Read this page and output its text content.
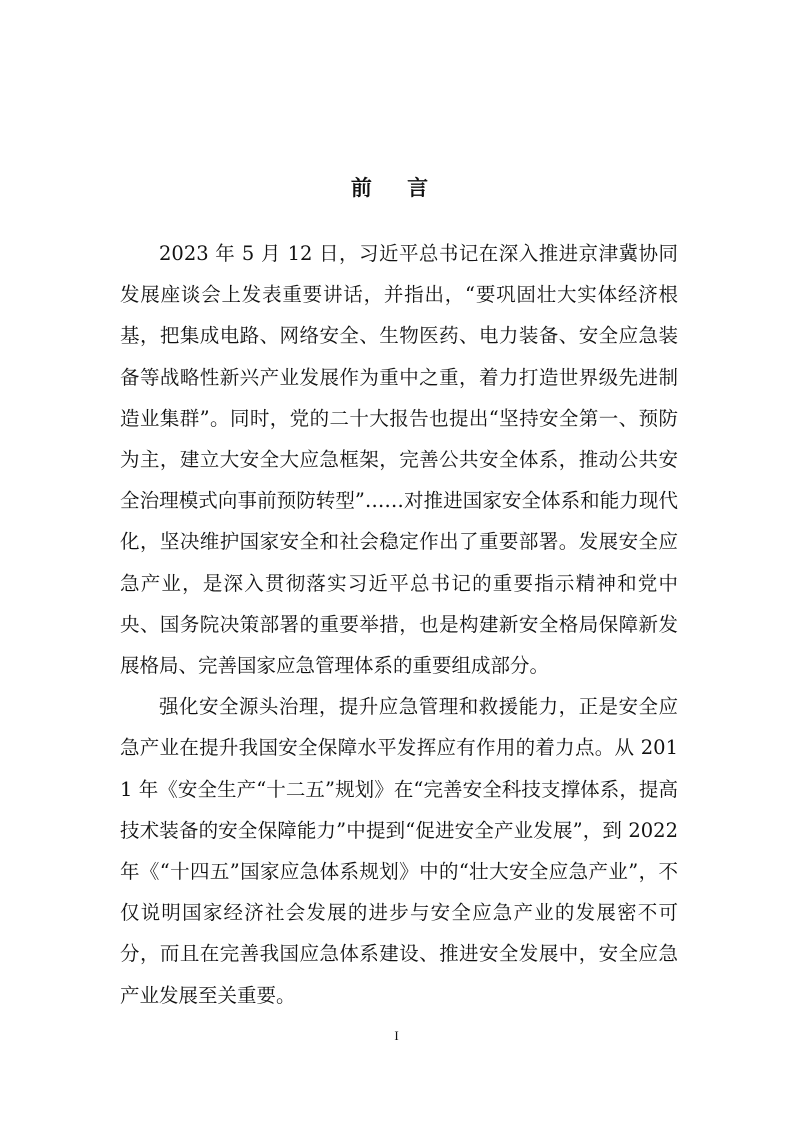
前 言

2023 年 5 月 12 日，习近平总书记在深入推进京津冀协同发展座谈会上发表重要讲话，并指出，“要巩固壮大实体经济根基，把集成电路、网络安全、生物医药、电力装备、安全应急装备等战略性新兴产业发展作为重中之重，着力打造世界级先进制造业集群”。同时，党的二十大报告也提出“坚持安全第一、预防为主，建立大安全大应急框架，完善公共安全体系，推动公共安全治理模式向事前预防转型”……对推进国家安全体系和能力现代化，坚决维护国家安全和社会稳定作出了重要部署。发展安全应急产业，是深入贯彻落实习近平总书记的重要指示精神和党中央、国务院决策部署的重要举措，也是构建新安全格局保障新发展格局、完善国家应急管理体系的重要组成部分。

强化安全源头治理，提升应急管理和救援能力，正是安全应急产业在提升我国安全保障水平发挥应有作用的着力点。从 2011 年《安全生产“十二五”规划》在“完善安全科技支撑体系，提高技术装备的安全保障能力”中提到“促进安全产业发展”，到 2022 年《“十四五”国家应急体系规划》中的“壮大安全应急产业”，不仅说明国家经济社会发展的进步与安全应急产业的发展密不可分，而且在完善我国应急体系建设、推进安全发展中，安全应急产业发展至关重要。

I
